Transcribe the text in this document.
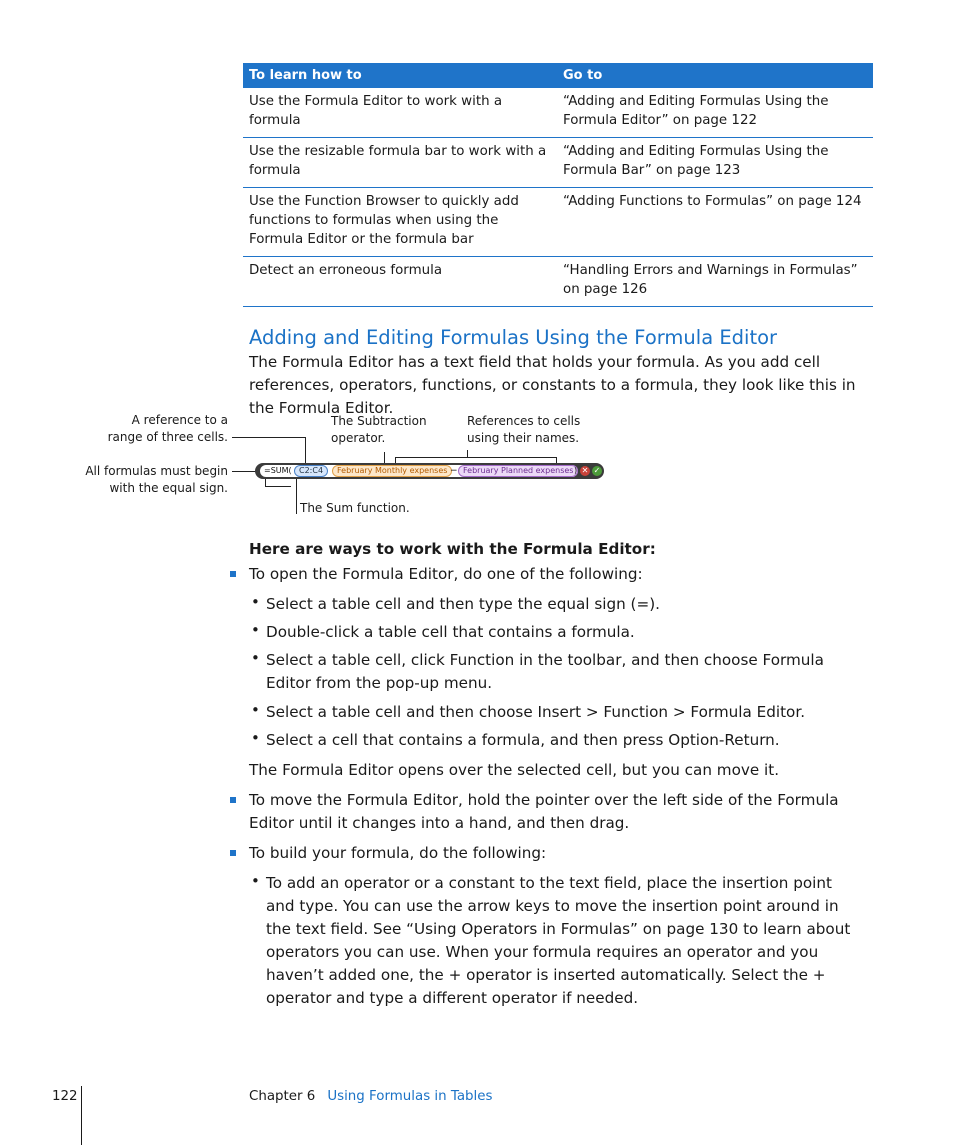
To learn how to	Go to
Use the Formula Editor to work with a formula	“Adding and Editing Formulas Using the Formula Editor” on page 122
Use the resizable formula bar to work with a formula	“Adding and Editing Formulas Using the Formula Bar” on page 123
Use the Function Browser to quickly add functions to formulas when using the Formula Editor or the formula bar	“Adding Functions to Formulas” on page 124
Detect an erroneous formula	“Handling Errors and Warnings in Formulas” on page 126
Adding and Editing Formulas Using the Formula Editor
The Formula Editor has a text field that holds your formula. As you add cell references, operators, functions, or constants to a formula, they look like this in the Formula Editor.
A reference to a range of three cells.
All formulas must begin with the equal sign.
The Subtraction operator.
References to cells using their names.
The Sum function.
=SUM( C2:C4	February Monthly expenses − February Planned expenses ) ✕ ✓
Here are ways to work with the Formula Editor:
To open the Formula Editor, do one of the following:
• Select a table cell and then type the equal sign (=).
• Double-click a table cell that contains a formula.
• Select a table cell, click Function in the toolbar, and then choose Formula Editor from the pop-up menu.
• Select a table cell and then choose Insert > Function > Formula Editor.
• Select a cell that contains a formula, and then press Option-Return.
The Formula Editor opens over the selected cell, but you can move it.
To move the Formula Editor, hold the pointer over the left side of the Formula Editor until it changes into a hand, and then drag.
To build your formula, do the following:
• To add an operator or a constant to the text field, place the insertion point and type. You can use the arrow keys to move the insertion point around in the text field. See “Using Operators in Formulas” on page 130 to learn about operators you can use. When your formula requires an operator and you haven’t added one, the + operator is inserted automatically. Select the + operator and type a different operator if needed.
122	Chapter 6 Using Formulas in Tables
